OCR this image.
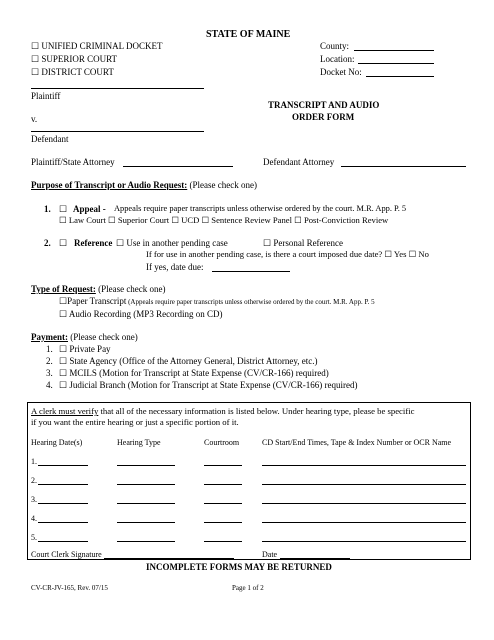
STATE OF MAINE
☐ UNIFIED CRIMINAL DOCKET
☐ SUPERIOR COURT
☐ DISTRICT COURT
County:
Location:
Docket No:
Plaintiff
TRANSCRIPT AND AUDIO
ORDER FORM
v.
Defendant
Plaintiff/State Attorney	Defendant Attorney
Purpose of Transcript or Audio Request: (Please check one)
1. ☐ Appeal - Appeals require paper transcripts unless otherwise ordered by the court. M.R. App. P. 5
☐ Law Court ☐ Superior Court ☐ UCD ☐ Sentence Review Panel ☐ Post-Conviction Review
2. ☐ Reference ☐ Use in another pending case	☐ Personal Reference
If for use in another pending case, is there a court imposed due date? ☐ Yes ☐ No
If yes, date due:
Type of Request: (Please check one)
☐Paper Transcript (Appeals require paper transcripts unless otherwise ordered by the court. M.R. App. P. 5
☐ Audio Recording (MP3 Recording on CD)
Payment: (Please check one)
1. ☐ Private Pay
2. ☐ State Agency (Office of the Attorney General, District Attorney, etc.)
3. ☐ MCILS (Motion for Transcript at State Expense (CV/CR-166) required)
4. ☐ Judicial Branch (Motion for Transcript at State Expense (CV/CR-166) required)
A clerk must verify that all of the necessary information is listed below. Under hearing type, please be specific
if you want the entire hearing or just a specific portion of it.
Hearing Date(s)	Hearing Type	Courtroom	CD Start/End Times, Tape & Index Number or OCR Name
1.
2.
3.
4.
5.
Court Clerk Signature	Date
INCOMPLETE FORMS MAY BE RETURNED
CV-CR-JV-165, Rev. 07/15	Page 1 of 2
